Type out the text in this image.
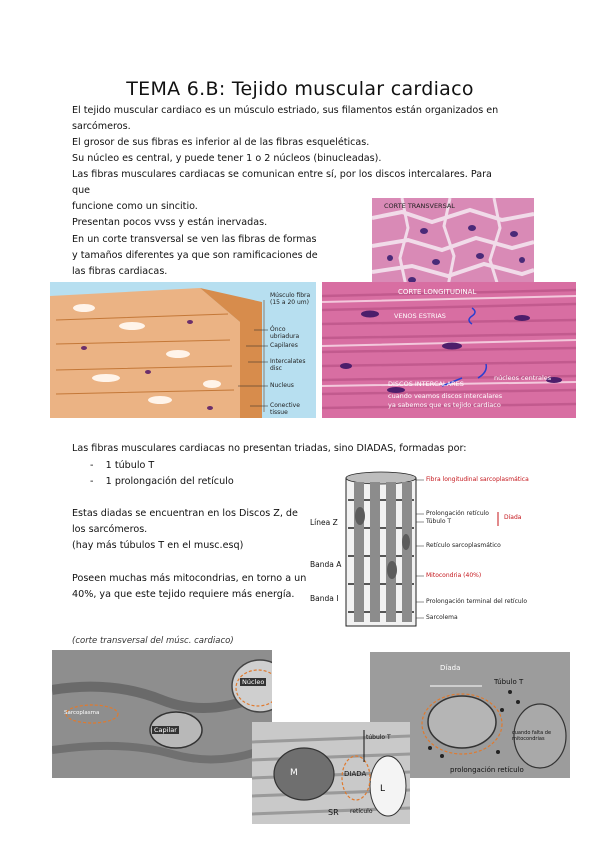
TEMA 6.B: Tejido muscular cardiaco
El tejido muscular cardiaco es un músculo estriado, sus filamentos están organizados en
sarcómeros.
El grosor de sus fibras es inferior al de las fibras esqueléticas.
Su núcleo es central, y puede tener 1 o 2 núcleos (binucleadas).
Las fibras musculares cardiacas se comunican entre sí, por los discos intercalares. Para que
funcione como un sincitio.
Presentan pocos vvss y están inervadas.
En un corte transversal se ven las fibras de formas
y tamaños diferentes ya que son ramificaciones de
las fibras cardiacas.
CORTE TRANSVERSAL
Músculo fibra (15 a 20 um)
Ónco ubriadura
Capilares
Intercalates disc
Nucleus
Conective tissue
CORTE LONGITUDINAL
VENOS ESTRIAS
DISCOS INTERCALARES
núcleos centrales
cuando veamos discos intercalares
ya sabemos que es tejido cardiaco
Las fibras musculares cardiacas no presentan triadas, sino DIADAS, formadas por:
-    1 túbulo T
-    1 prolongación del retículo
Estas diadas se encuentran en los Discos Z, de
los sarcómeros.
(hay más túbulos T en el musc.esq)
Poseen muchas más mitocondrias, en torno a un
40%, ya que este tejido requiere más energía.
Línea Z
Banda A
Banda I
Fibra longitudinal sarcoplasmática
Prolongación retículo
Túbulo T
Díada
Retículo sarcoplasmático
Mitocondria (40%)
Prolongación terminal del retículo
Sarcolema
(corte transversal del músc. cardiaco)
Sarcoplasma
Núcleo
Capilar
Díada
Túbulo T
prolongación retículo
cuando falta de mitocondrias
M	DIADA
L
SR
túbulo T
retículo
